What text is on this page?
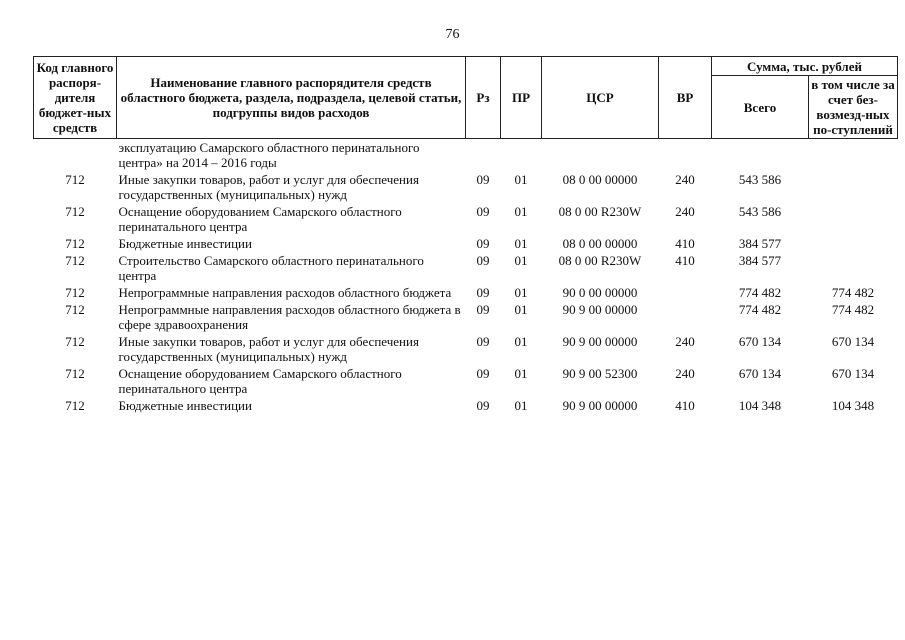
76
Код главного распоря-дителя бюджет-ных средств	Наименование главного распорядителя средств областного бюджета, раздела, подраздела, целевой статьи, подгруппы видов расходов	Рз	ПР	ЦСР	ВР	Сумма, тыс. рублей	
						Всего	в том числе за счет без-возмезд-ных по-ступлений
	эксплуатацию Самарского областного перинатального центра» на 2014 – 2016 годы						
712	Иные закупки товаров, работ и услуг для обеспечения государственных (муниципальных) нужд	09	01	08 0 00 00000	240	543 586	
712	Оснащение оборудованием Самарского областного перинатального центра	09	01	08 0 00 R230W	240	543 586	
712	Бюджетные инвестиции	09	01	08 0 00 00000	410	384 577	
712	Строительство Самарского областного перинатального центра	09	01	08 0 00 R230W	410	384 577	
712	Непрограммные направления расходов областного бюджета	09	01	90 0 00 00000		774 482	774 482
712	Непрограммные направления расходов областного бюджета в сфере здравоохранения	09	01	90 9 00 00000		774 482	774 482
712	Иные закупки товаров, работ и услуг для обеспечения государственных (муниципальных) нужд	09	01	90 9 00 00000	240	670 134	670 134
712	Оснащение оборудованием Самарского областного перинатального центра	09	01	90 9 00 52300	240	670 134	670 134
712	Бюджетные инвестиции	09	01	90 9 00 00000	410	104 348	104 348
